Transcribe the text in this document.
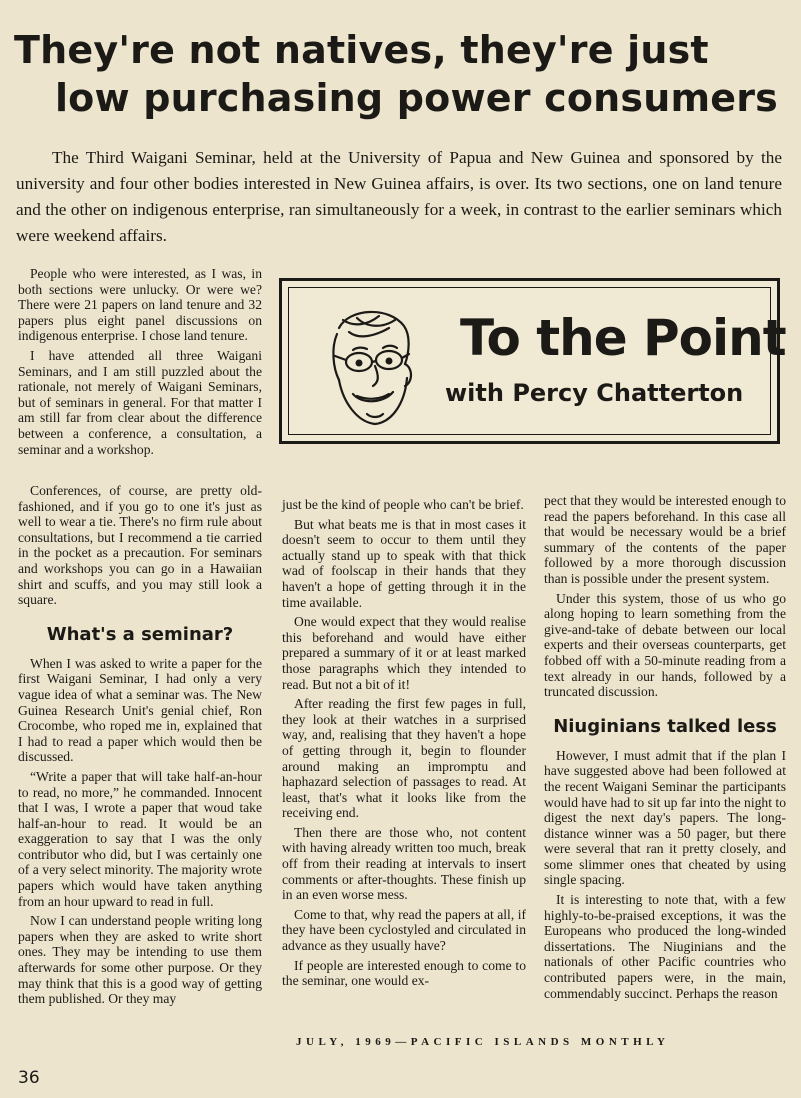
They're not natives, they're just
low purchasing power consumers

The Third Waigani Seminar, held at the University of Papua and New Guinea and sponsored by the university and four other bodies interested in New Guinea affairs, is over. Its two sections, one on land tenure and the other on indigenous enterprise, ran simultaneously for a week, in contrast to the earlier seminars which were weekend affairs.

People who were interested, as I was, in both sections were unlucky. Or were we? There were 21 papers on land tenure and 32 papers plus eight panel discussions on indigenous enterprise. I chose land tenure.

I have attended all three Waigani Seminars, and I am still puzzled about the rationale, not merely of Waigani Seminars, but of seminars in general. For that matter I am still far from clear about the difference between a conference, a consultation, a seminar and a workshop.

To the Point
with Percy Chatterton

Conferences, of course, are pretty old-fashioned, and if you go to one it's just as well to wear a tie. There's no firm rule about consultations, but I recommend a tie carried in the pocket as a precaution. For seminars and workshops you can go in a Hawaiian shirt and scuffs, and you may still look a square.

What's a seminar?

When I was asked to write a paper for the first Waigani Seminar, I had only a very vague idea of what a seminar was. The New Guinea Research Unit's genial chief, Ron Crocombe, who roped me in, explained that I had to read a paper which would then be discussed.

“Write a paper that will take half-an-hour to read, no more,” he commanded. Innocent that I was, I wrote a paper that woud take half-an-hour to read. It would be an exaggeration to say that I was the only contributor who did, but I was certainly one of a very select minority. The majority wrote papers which would have taken anything from an hour upward to read in full.

Now I can understand people writing long papers when they are asked to write short ones. They may be intending to use them afterwards for some other purpose. Or they may think that this is a good way of getting them published. Or they may

just be the kind of people who can't be brief.

But what beats me is that in most cases it doesn't seem to occur to them until they actually stand up to speak with that thick wad of foolscap in their hands that they haven't a hope of getting through it in the time available.

One would expect that they would realise this beforehand and would have either prepared a summary of it or at least marked those paragraphs which they intended to read. But not a bit of it!

After reading the first few pages in full, they look at their watches in a surprised way, and, realising that they haven't a hope of getting through it, begin to flounder around making an impromptu and haphazard selection of passages to read. At least, that's what it looks like from the receiving end.

Then there are those who, not content with having already written too much, break off from their reading at intervals to insert comments or after-thoughts. These finish up in an even worse mess.

Come to that, why read the papers at all, if they have been cyclostyled and circulated in advance as they usually have?

If people are interested enough to come to the seminar, one would ex-

pect that they would be interested enough to read the papers beforehand. In this case all that would be necessary would be a brief summary of the contents of the paper followed by a more thorough discussion than is possible under the present system.

Under this system, those of us who go along hoping to learn something from the give-and-take of debate between our local experts and their overseas counterparts, get fobbed off with a 50-minute reading from a text already in our hands, followed by a truncated discussion.

Niuginians talked less

However, I must admit that if the plan I have suggested above had been followed at the recent Waigani Seminar the participants would have had to sit up far into the night to digest the next day's papers. The long-distance winner was a 50 pager, but there were several that ran it pretty closely, and some slimmer ones that cheated by using single spacing.

It is interesting to note that, with a few highly-to-be-praised exceptions, it was the Europeans who produced the long-winded dissertations. The Niuginians and the nationals of other Pacific countries who contributed papers were, in the main, commendably succinct. Perhaps the reason

JULY, 1969—PACIFIC ISLANDS MONTHLY
36
